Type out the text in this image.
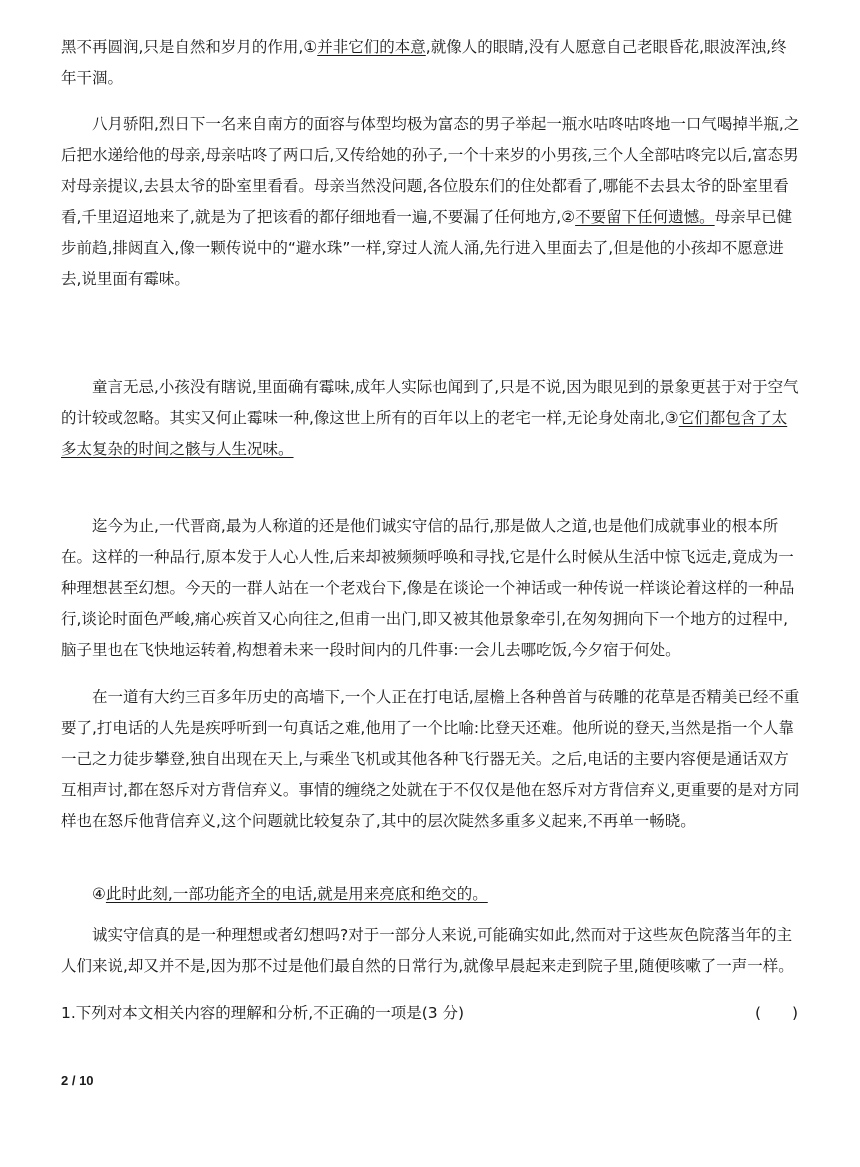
黑不再圆润,只是自然和岁月的作用,①并非它们的本意,就像人的眼睛,没有人愿意自己老眼昏花,眼波浑浊,终年干涸。

八月骄阳,烈日下一名来自南方的面容与体型均极为富态的男子举起一瓶水咕咚咕咚地一口气喝掉半瓶,之后把水递给他的母亲,母亲咕咚了两口后,又传给她的孙子,一个十来岁的小男孩,三个人全部咕咚完以后,富态男对母亲提议,去县太爷的卧室里看看。母亲当然没问题,各位股东们的住处都看了,哪能不去县太爷的卧室里看看,千里迢迢地来了,就是为了把该看的都仔细地看一遍,不要漏了任何地方,②不要留下任何遗憾。母亲早已健步前趋,排闼直入,像一颗传说中的“避水珠”一样,穿过人流人涌,先行进入里面去了,但是他的小孩却不愿意进去,说里面有霉味。

童言无忌,小孩没有瞎说,里面确有霉味,成年人实际也闻到了,只是不说,因为眼见到的景象更甚于对于空气的计较或忽略。其实又何止霉味一种,像这世上所有的百年以上的老宅一样,无论身处南北,③它们都包含了太多太复杂的时间之骸与人生况味。

迄今为止,一代晋商,最为人称道的还是他们诚实守信的品行,那是做人之道,也是他们成就事业的根本所在。这样的一种品行,原本发于人心人性,后来却被频频呼唤和寻找,它是什么时候从生活中惊飞远走,竟成为一种理想甚至幻想。今天的一群人站在一个老戏台下,像是在谈论一个神话或一种传说一样谈论着这样的一种品行,谈论时面色严峻,痛心疾首又心向往之,但甫一出门,即又被其他景象牵引,在匆匆拥向下一个地方的过程中,脑子里也在飞快地运转着,构想着未来一段时间内的几件事:一会儿去哪吃饭,今夕宿于何处。

在一道有大约三百多年历史的高墙下,一个人正在打电话,屋檐上各种兽首与砖雕的花草是否精美已经不重要了,打电话的人先是疾呼听到一句真话之难,他用了一个比喻:比登天还难。他所说的登天,当然是指一个人靠一己之力徒步攀登,独自出现在天上,与乘坐飞机或其他各种飞行器无关。之后,电话的主要内容便是通话双方互相声讨,都在怒斥对方背信弃义。事情的缠绕之处就在于不仅仅是他在怒斥对方背信弃义,更重要的是对方同样也在怒斥他背信弃义,这个问题就比较复杂了,其中的层次陡然多重多义起来,不再单一畅晓。

④此时此刻,一部功能齐全的电话,就是用来亮底和绝交的。

诚实守信真的是一种理想或者幻想吗?对于一部分人来说,可能确实如此,然而对于这些灰色院落当年的主人们来说,却又并不是,因为那不过是他们最自然的日常行为,就像早晨起来走到院子里,随便咳嗽了一声一样。

1.下列对本文相关内容的理解和分析,不正确的一项是(3 分)	(　　)
2 / 10
